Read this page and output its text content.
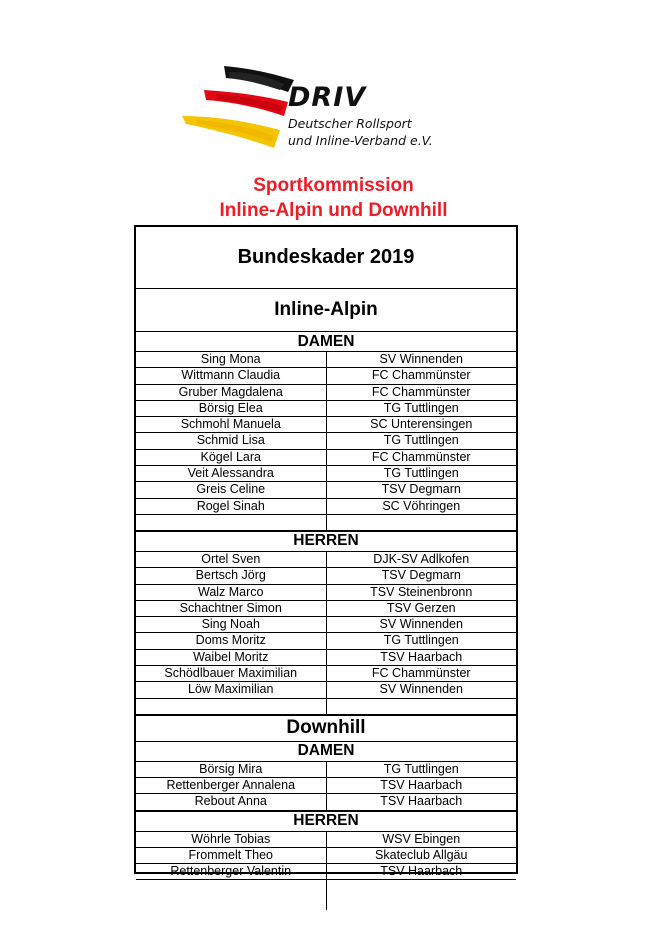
DRIV
Deutscher Rollsport
und Inline-Verband e.V.
Sportkommission
Inline-Alpin und Downhill
Bundeskader 2019
Inline-Alpin
DAMEN
Sing Mona	SV Winnenden
Wittmann Claudia	FC Chammünster
Gruber Magdalena	FC Chammünster
Börsig Elea	TG Tuttlingen
Schmohl Manuela	SC Unterensingen
Schmid Lisa	TG Tuttlingen
Kögel Lara	FC Chammünster
Veit Alessandra	TG Tuttlingen
Greis Celine	TSV Degmarn
Rogel Sinah	SC Vöhringen
HERREN
Ortel Sven	DJK-SV Adlkofen
Bertsch Jörg	TSV Degmarn
Walz Marco	TSV Steinenbronn
Schachtner Simon	TSV Gerzen
Sing Noah	SV Winnenden
Doms Moritz	TG Tuttlingen
Waibel Moritz	TSV Haarbach
Schödlbauer Maximilian	FC Chammünster
Löw Maximilian	SV Winnenden
Downhill
DAMEN
Börsig Mira	TG Tuttlingen
Rettenberger Annalena	TSV Haarbach
Rebout Anna	TSV Haarbach
HERREN
Wöhrle Tobias	WSV Ebingen
Frommelt Theo	Skateclub Allgäu
Rettenberger Valentin	TSV Haarbach
